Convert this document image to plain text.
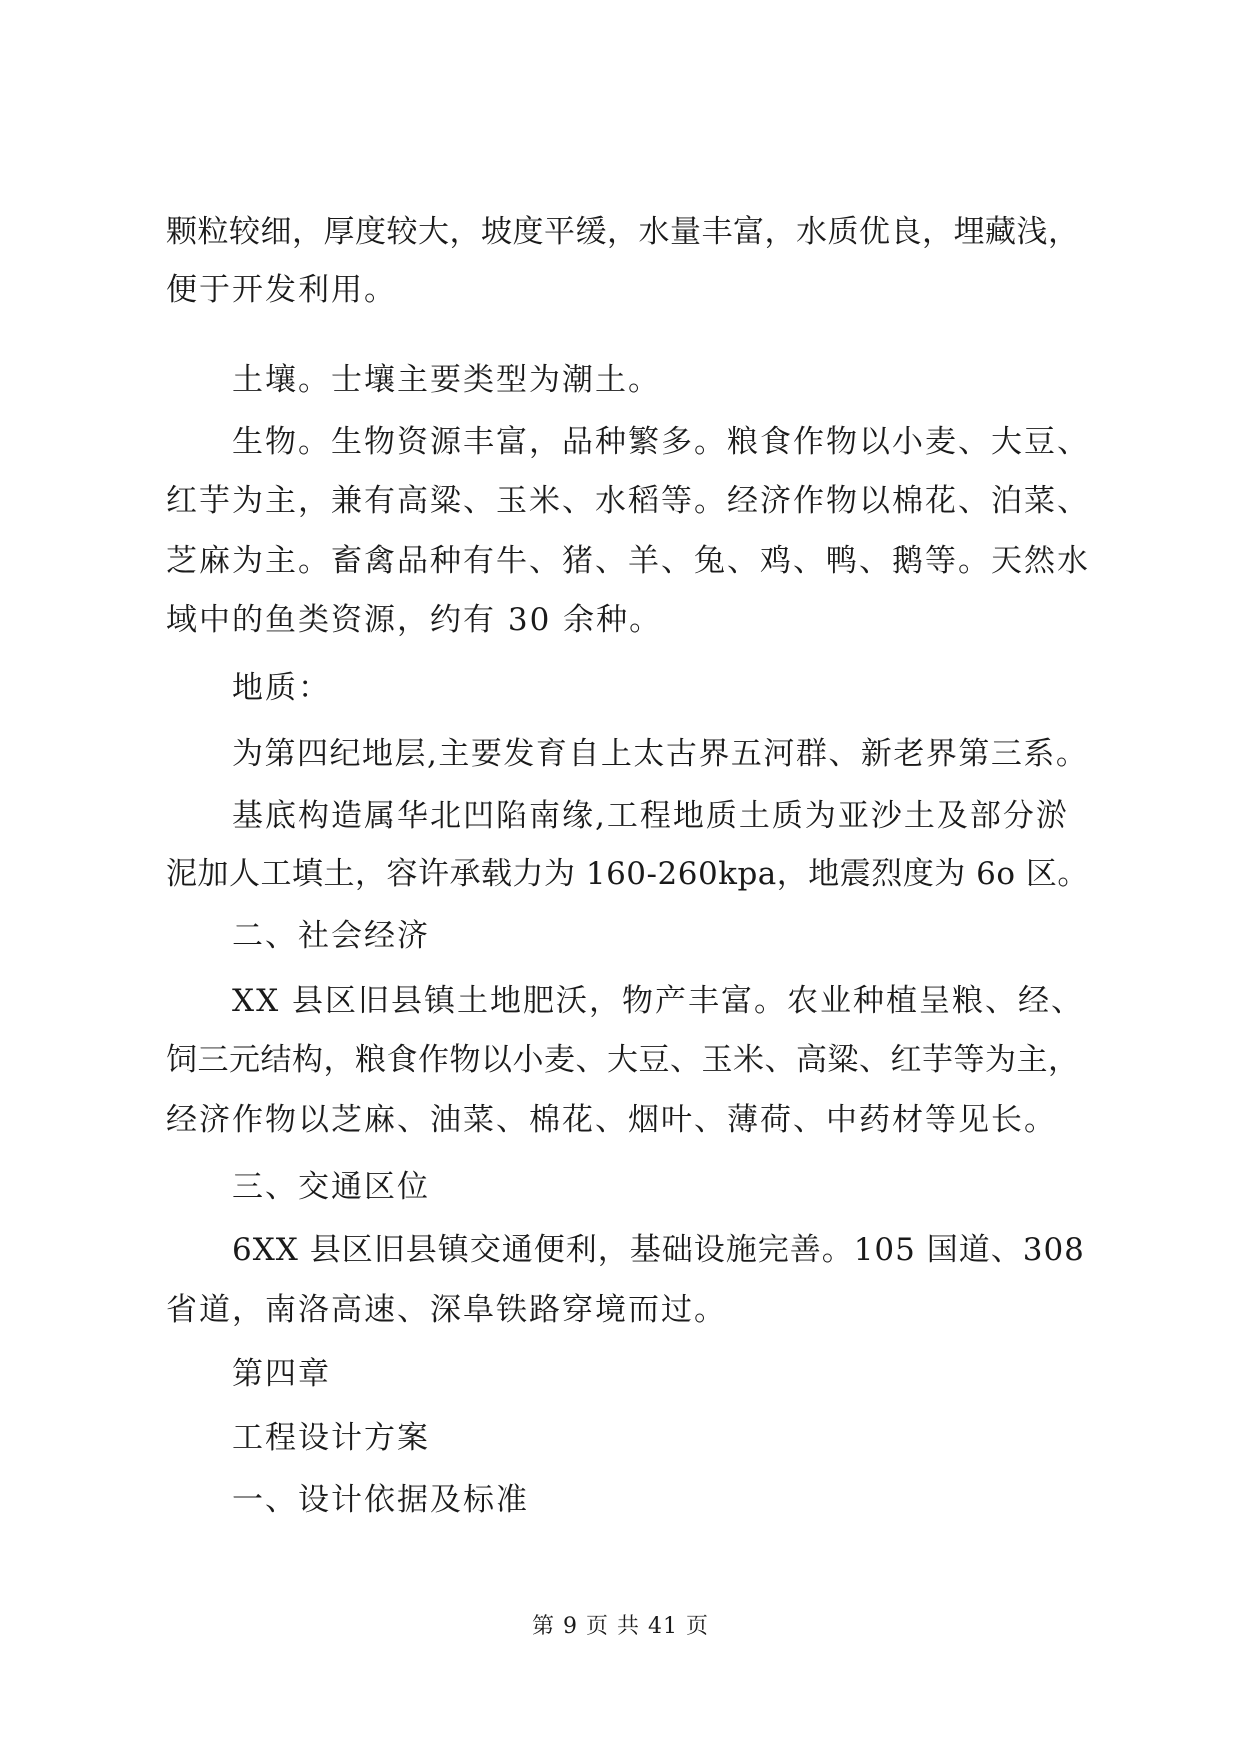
颗粒较细，厚度较大，坡度平缓，水量丰富，水质优良，埋藏浅，
便于开发利用。
土壤。士壤主要类型为潮土。
生物。生物资源丰富，品种繁多。粮食作物以小麦、大豆、
红芋为主，兼有高粱、玉米、水稻等。经济作物以棉花、泊菜、
芝麻为主。畜禽品种有牛、猪、羊、兔、鸡、鸭、鹅等。天然水
域中的鱼类资源，约有 30 余种。
地质：
为第四纪地层,主要发育自上太古界五河群、新老界第三系。
基底构造属华北凹陷南缘,工程地质土质为亚沙土及部分淤
泥加人工填土，容许承载力为 160-260kpa，地震烈度为 6o 区。
二、社会经济
XX 县区旧县镇土地肥沃，物产丰富。农业种植呈粮、经、
饲三元结构，粮食作物以小麦、大豆、玉米、高粱、红芋等为主，
经济作物以芝麻、油菜、棉花、烟叶、薄荷、中药材等见长。
三、交通区位
6XX 县区旧县镇交通便利，基础设施完善。105 国道、308
省道，南洛高速、深阜铁路穿境而过。
第四章
工程设计方案
一、设计依据及标准
第 9 页 共 41 页
